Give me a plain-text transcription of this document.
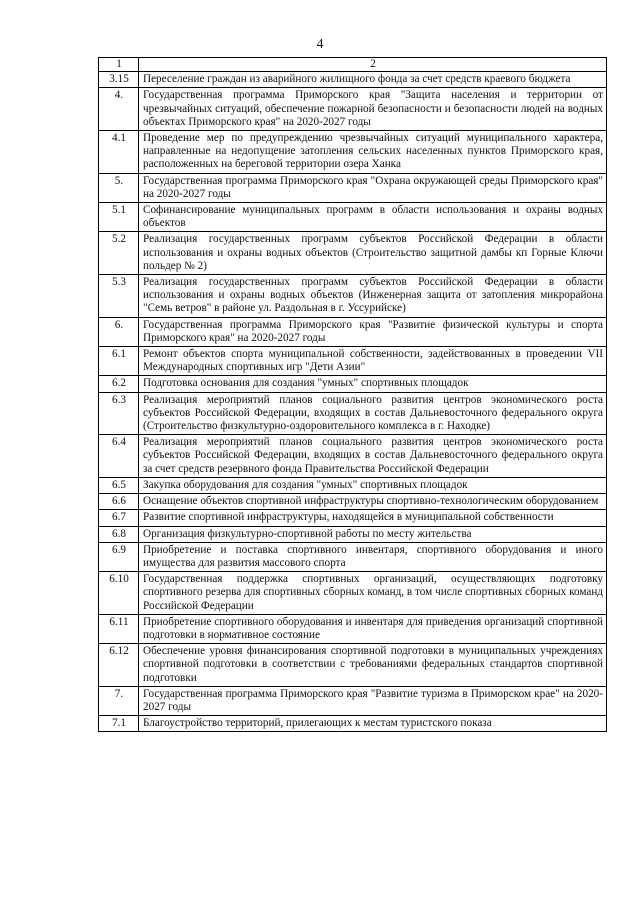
4
1	2
3.15	Переселение граждан из аварийного жилищного фонда за счет средств краевого бюджета
4.	Государственная программа Приморского края "Защита населения и территории от чрезвычайных ситуаций, обеспечение пожарной безопасности и безопасности людей на водных объектах Приморского края" на 2020-2027 годы
4.1	Проведение мер по предупреждению чрезвычайных ситуаций муниципального характера, направленные на недопущение затопления сельских населенных пунктов Приморского края, расположенных на береговой территории озера Ханка
5.	Государственная программа Приморского края "Охрана окружающей среды Приморского края" на 2020-2027 годы
5.1	Софинансирование муниципальных программ в области использования и охраны водных объектов
5.2	Реализация государственных программ субъектов Российской Федерации в области использования и охраны водных объектов (Строительство защитной дамбы кп Горные Ключи польдер № 2)
5.3	Реализация государственных программ субъектов Российской Федерации в области использования и охраны водных объектов (Инженерная защита от затопления микрорайона "Семь ветров" в районе ул. Раздольная в г. Уссурийске)
6.	Государственная программа Приморского края "Развитие физической культуры и спорта Приморского края" на 2020-2027 годы
6.1	Ремонт объектов спорта муниципальной собственности, задействованных в проведении VII Международных спортивных игр "Дети Азии"
6.2	Подготовка основания для создания "умных" спортивных площадок
6.3	Реализация мероприятий планов социального развития центров экономического роста субъектов Российской Федерации, входящих в состав Дальневосточного федерального округа (Строительство физкультурно-оздоровительного комплекса в г. Находке)
6.4	Реализация мероприятий планов социального развития центров экономического роста субъектов Российской Федерации, входящих в состав Дальневосточного федерального округа за счет средств резервного фонда Правительства Российской Федерации
6.5	Закупка оборудования для создания "умных" спортивных площадок
6.6	Оснащение объектов спортивной инфраструктуры спортивно-технологическим оборудованием
6.7	Развитие спортивной инфраструктуры, находящейся в муниципальной собственности
6.8	Организация физкультурно-спортивной работы по месту жительства
6.9	Приобретение и поставка спортивного инвентаря, спортивного оборудования и иного имущества для развития массового спорта
6.10	Государственная поддержка спортивных организаций, осуществляющих подготовку спортивного резерва для спортивных сборных команд, в том числе спортивных сборных команд Российской Федерации
6.11	Приобретение спортивного оборудования и инвентаря для приведения организаций спортивной подготовки в нормативное состояние
6.12	Обеспечение уровня финансирования спортивной подготовки в муниципальных учреждениях спортивной подготовки в соответствии с требованиями федеральных стандартов спортивной подготовки
7.	Государственная программа Приморского края "Развитие туризма в Приморском крае" на 2020-2027 годы
7.1	Благоустройство территорий, прилегающих к местам туристского показа
